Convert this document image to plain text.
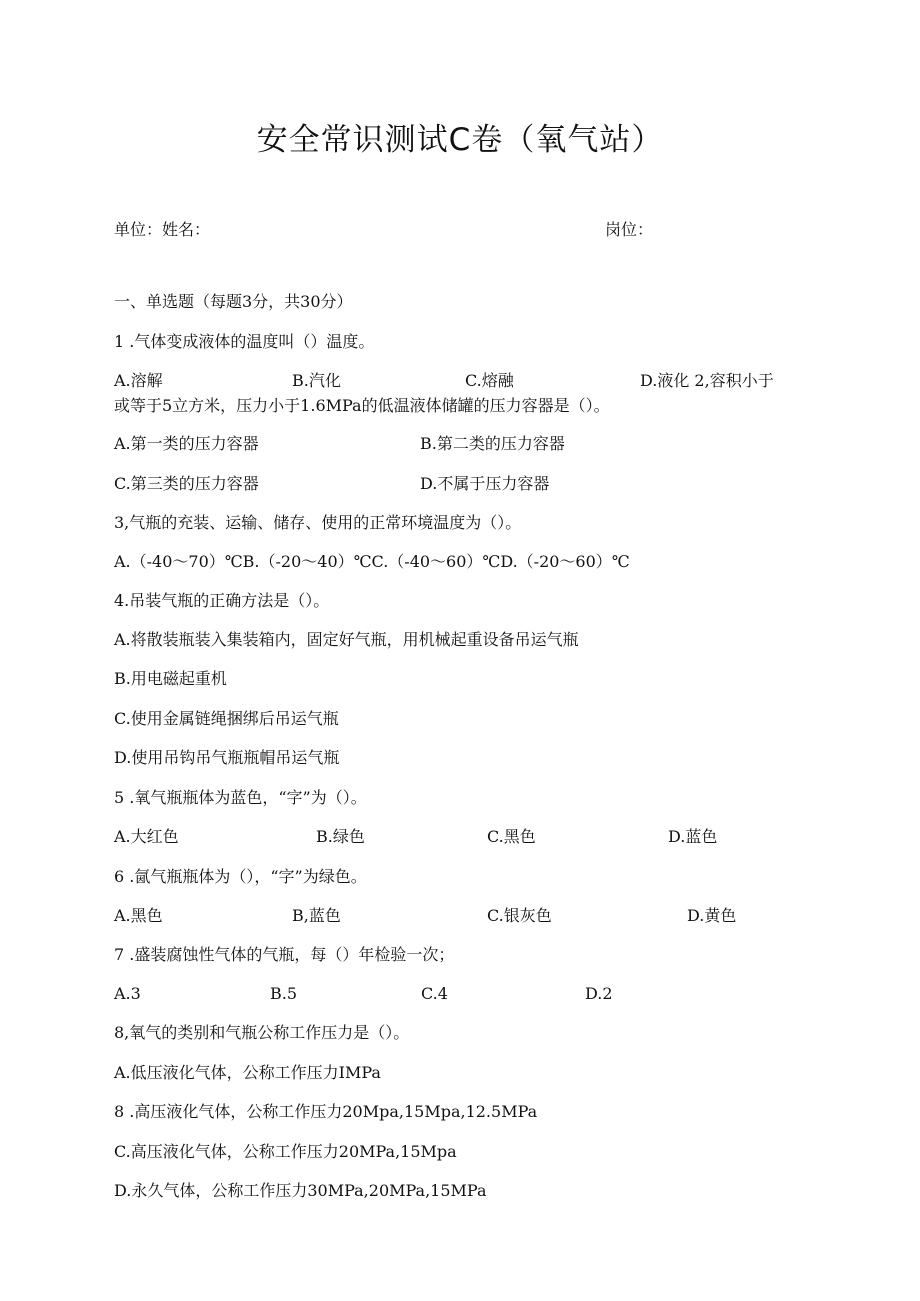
安全常识测试C卷（氧气站）
单位：姓名：	岗位：
一、单选题（每题3分，共30分）
1 .气体变成液体的温度叫（）温度。
A.溶解	B.汽化	C.熔融	D.液化 2,容积小于
或等于5立方米，压力小于1.6MPa的低温液体储罐的压力容器是（）。
A.第一类的压力容器	B.第二类的压力容器
C.第三类的压力容器	D.不属于压力容器
3,气瓶的充装、运输、储存、使用的正常环境温度为（）。
A.（-40～70）℃B.（-20～40）℃C.（-40～60）℃D.（-20～60）℃
4.吊装气瓶的正确方法是（）。
A.将散装瓶装入集装箱内，固定好气瓶，用机械起重设备吊运气瓶
B.用电磁起重机
C.使用金属链绳捆绑后吊运气瓶
D.使用吊钩吊气瓶瓶帽吊运气瓶
5 .氧气瓶瓶体为蓝色，“字”为（）。
A.大红色	B.绿色	C.黑色	D.蓝色
6 .氤气瓶瓶体为（），“字”为绿色。
A.黑色	B,蓝色	C.银灰色	D.黄色
7 .盛装腐蚀性气体的气瓶，每（）年检验一次；
A.3	B.5	C.4	D.2
8,氧气的类别和气瓶公称工作压力是（）。
A.低压液化气体，公称工作压力IMPa
8 .高压液化气体，公称工作压力20Mpa,15Mpa,12.5MPa
C.高压液化气体，公称工作压力20MPa,15Mpa
D.永久气体，公称工作压力30MPa,20MPa,15MPa
